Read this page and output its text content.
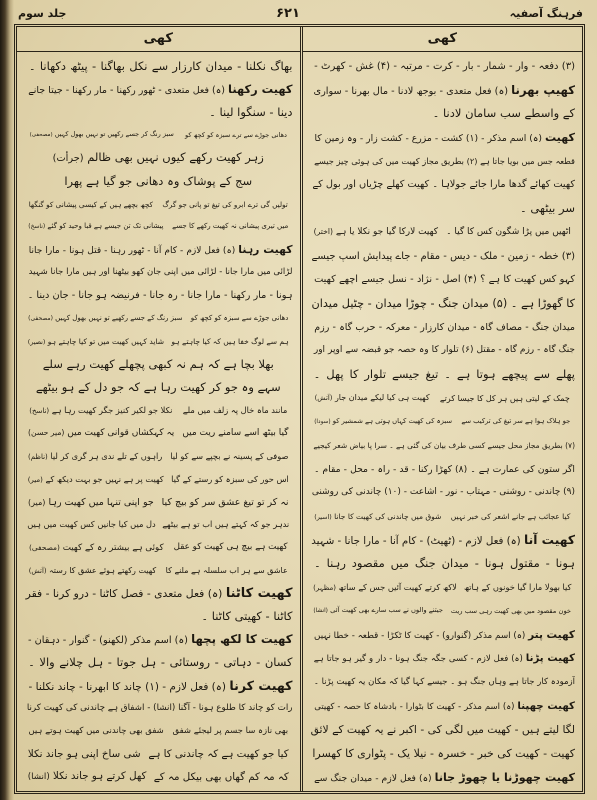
فرہنگ آصفیہ
۶۲۱
جلد سوم
کھی
(۳) دفعہ - وار - شمار - بار - کرت - مرتبہ - (۴) غش - کھرٹ -
کھیپ بھرنا (ہ) فعل متعدی - بوجھ لادنا - مال بھرنا - سواری
کے واسطے سب سامان لادنا ۔
کھیت (ہ) اسم مذکر - (۱) کشت - مزرع - کشت زار - وہ زمین کا
قطعہ جس میں بویا جاتا ہے (۲) بطریق مجاز کھیت میں کی ہوئی چیز جیسے
کھیت کھائے گدھا مارا جائے جولاہا ۔ کھیت کھلے چڑیاں اور بول کے
سر بیٹھی ۔
اٹھیں میں پڑا شگون کس کا گیا ۔
کھیت لارکا گیا جو نکلا یا ہے (اختر)
(۳) خطہ - زمین - ملک - دیس - مقام - جاے پیدایش اسپ جیسے
کہو کس کھیت کا ہے ؟ (۴) اصل - نژاد - نسل جیسے اچھے کھیت
کا گھوڑا ہے ۔ (۵) میدان جنگ - چوڑا میدان - چٹیل میدان
میدان جنگ - مصاف گاہ - میدان کارزار - معرکہ - حرب گاہ - رزم
جنگ گاہ - رزم گاہ - مقتل (۶) تلوار کا وہ حصہ جو قبضہ سے اوپر اور
پھلے سے پیچھے ہوتا ہے ۔ تیغ جیسے تلوار کا پھل ۔
چمک کے لیتی ہیں ہر کل کا جیسا کرتے
کھیت ہی کیا لیکے میدان جار (آتش)
جو ہلاک ہوا ہے سر تیغ کی ترکیب سے
سبزہ کی کھیت کہاں ہوتی ہے شمشیر کو (سودا)
(۷) بطریق مجاز محل جیسے کسی طرف بیان کی گئی ہے ۔ سرا پا بیاض شعر کیجیے
اگر ستون کی عمارت ہے ۔ (۸) کھڑا رکنا - قد - راہ - محل - مقام ۔
(۹) چاندنی - روشنی - مہتاب - نور - اشاعت - (۱۰) چاندنی کی روشنی
کیا عجائب ہے جانے اشعر کی خبر نہیں
شوق میں چاندنی کی کھیت کا جانا (اسیر)
کھیت آنا (ہ) فعل لازم - (ٹھیٹ) - کام آنا - مارا جانا - شہید
ہونا - مقتول ہونا - میدان جنگ میں مقصود رہنا ۔
کیا بھولا مارا گیا خونوں کے ہاتھ
لاکھ کرتے کھیت آئیں جس کے ساتھ (مظہر)
خون مقصود میں بھی کھیت رہی سب ریت
جیتنے والوں نے سب سارے بھی کھیت آئی (انشا)
کھیت پتر (ہ) اسم مذکر (گنوارو) - کھیت کا ٹکڑا - قطعہ - خطا نہیں
کھیت پڑنا (ہ) فعل لازم - کسی جگہ جنگ ہونا - دار و گیر ہو جاتا ہے
آزمودہ کار جاتا ہے وہاں جنگ ہو ۔ جیسے کہا گیا کہ مکان یہ کھیت پڑنا ۔
کھیت چھپنا (ہ) اسم مذکر - کھیت کا بٹوارا - بادشاہ کا حصہ - کھیتی
لگا لیتے ہیں - کھیت میں لگی کی - اکبر نے یہ کھیت کے لائق
کھیت - کھیت کی خبر - خسرہ - نیلا یک - پٹواری کا کھسرا
کھیت چھوڑنا یا چھوڑ جانا (ہ) فعل لازم - میدان جنگ سے
کھی
بھاگ نکلنا - میدان کارزار سے نکل بھاگنا - پیٹھ دکھانا ۔
کھیت رکھنا (ہ) فعل متعدی - ٹھور رکھنا - مار رکھنا - جیتا جانے
دینا - سنگوا لینا ۔
دھانی جوڑے سے ترے سبزہ کو کچھ کو
سبز رنگ کر جسے رکھیں تو نہیں بھول کہیں (مصحفی)
زہر کھیت رکھے کیوں نہیں بھی ظالم (جرأت)
سج کے پوشاک وہ دھانی جو گیا ہے پھرا
تولیں گی ترے ابرو کی تیغ تو پانی جو گرگ
کچھ بچھے ہیں کے کیسی پیشانی کو گنگھا
میں تیری پیشانی نہ کھیت رکھے کا جسے
پیشانی تک تن جیسے ہے قبا وحید کو گئے (ناسخ)
کھیت رہنا (ہ) فعل لازم - کام آنا - ٹھور رہنا - قتل ہونا - مارا جانا
لڑائی میں مارا جانا - لڑائی میں اپنی جان کھو بیٹھنا اور ہیں مارا جانا شہید
ہونا - مار رکھنا - مارا جانا - رہ جانا - فرنیضہ ہو جانا - جان دینا ۔
دھانی جوڑے سے سبزہ کو کچھ کو
سبز رنگ کے جسے رکھیے تو نہیں بھول کہیں (مصحفی)
ہم سے لوگ خفا ہیں کہ کیا چاہتے ہو
شاید کہیں کھیت میں تو کیا چاہتے ہو (نصیر)
بھلا بچا ہے کہ ہم نہ کبھی پچھلے کھیت رہے سلے
سہے وہ جو کر کھیت رہا ہے کہ جو دل کے ہو بیٹھے
مانند ماہ خال پہ زلف میں ملے
نکلا جو لکیر کنیز جگر کھیت رہا ہے (ناسخ)
گیا بیٹھ اسے سامنے ریت میں
یہ کہکشاں قوانی کھیت میں (میر حسن)
صوفی کے پسینہ نے بچپے سے کو لیا
راہوں کے تلے ندی ہر گری کر لیا (ناظم)
اس حور کی سبزہ کو رستے کے گیا
کھیت پر ہے نہیں جو بہت دیکھ کے (میر)
نہ کر تو تیغ عشق سر کو بیچ کیا
جو اپنی تنہا میں کھیت رہا (میر)
ندہر جو کہ کہتے ہیں اب تو ہے بیٹھے
دل میں کیا جانیں کس کھیت میں ہیں
کھیت ہے بیچ ہی کھیت کو عقل
کوئی ہے بیشتر رہ کے کھیت (مصحفی)
عاشق سے ہر اب سلسلہ ہے ملنے کا
کھیت رکھتے ہوئے عشق کا رستہ (آتش)
کھیت کاٹنا (ہ) فعل متعدی - فصل کاٹنا - درو کرنا - فقر
کاٹنا - کھیتی کاٹنا ۔
کھیت کا لکھ پچھا (ہ) اسم مذکر (لکھنو) - گنوار - دہقان -
کسان - دہاتی - روستائی - ہل جوتا - ہل چلانے والا ۔
کھیت کرنا (ہ) فعل لازم - (۱) چاند کا ابھرنا - چاند نکلنا -
رات کو چاند کا طلوع ہونا - آگنا (انشا) - اشفاق ہے چاندنی کی کھیت کرنا
بھی نازہ سا جسم پر لیجئے شفق
شفق بھی چاندنی میں کھیت ہوتے ہیں
کیا جو کھیت ہے کہ چاندنی کا ہے
شی ساخ اپنی ہو جاند نکلا
کہ مہ کم گھاں بھی بیکل مہ کے
کھل کرتے ہو جاند نکلا (انشا)
